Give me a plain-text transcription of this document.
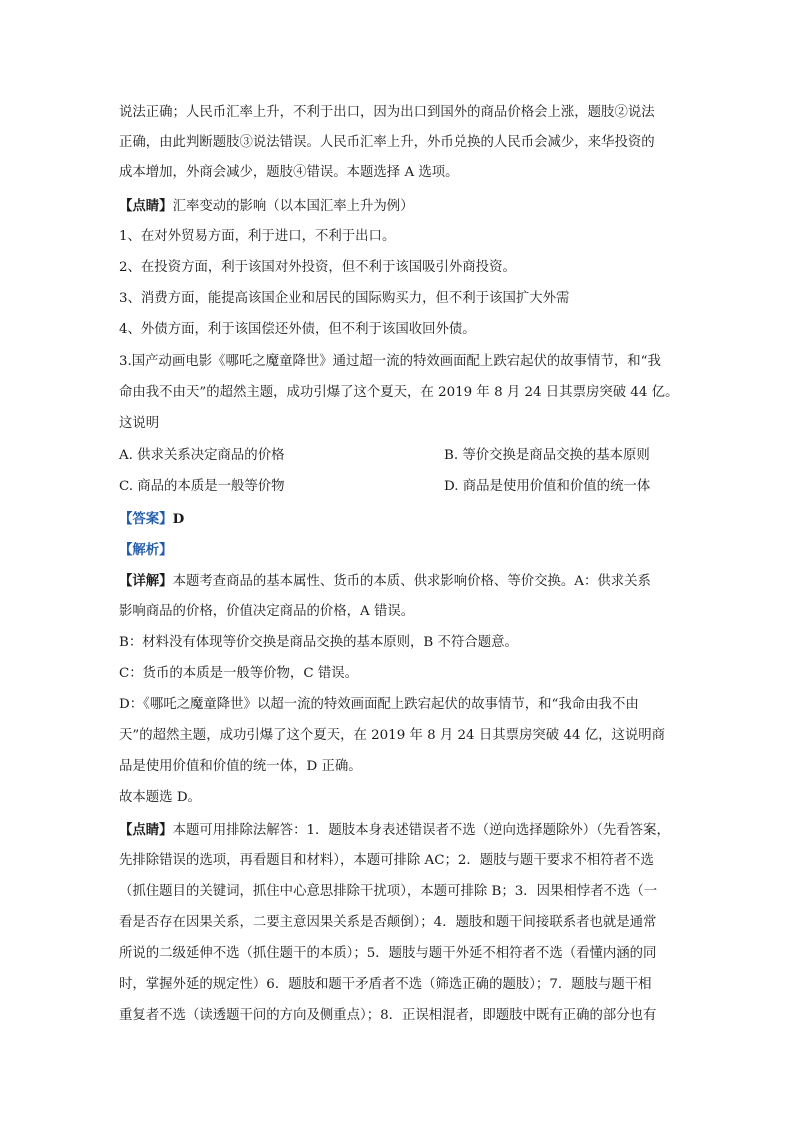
说法正确；人民币汇率上升，不利于出口，因为出口到国外的商品价格会上涨，题肢②说法
正确，由此判断题肢③说法错误。人民币汇率上升，外币兑换的人民币会减少，来华投资的
成本增加，外商会减少，题肢④错误。本题选择 A 选项。
【点睛】汇率变动的影响（以本国汇率上升为例）
1、在对外贸易方面，利于进口，不利于出口。
2、在投资方面，利于该国对外投资，但不利于该国吸引外商投资。
3、消费方面，能提高该国企业和居民的国际购买力，但不利于该国扩大外需
4、外债方面，利于该国偿还外债，但不利于该国收回外债。
3.国产动画电影《哪吒之魔童降世》通过超一流的特效画面配上跌宕起伏的故事情节，和“我
命由我不由天”的超然主题，成功引爆了这个夏天，在 2019 年 8 月 24 日其票房突破 44 亿。
这说明
A. 供求关系决定商品的价格	B. 等价交换是商品交换的基本原则
C. 商品的本质是一般等价物	D. 商品是使用价值和价值的统一体
【答案】D
【解析】
【详解】本题考查商品的基本属性、货币的本质、供求影响价格、等价交换。A：供求关系
影响商品的价格，价值决定商品的价格，A 错误。
B：材料没有体现等价交换是商品交换的基本原则，B 不符合题意。
C：货币的本质是一般等价物，C 错误。
D：《哪吒之魔童降世》以超一流的特效画面配上跌宕起伏的故事情节，和“我命由我不由
天”的超然主题，成功引爆了这个夏天，在 2019 年 8 月 24 日其票房突破 44 亿，这说明商
品是使用价值和价值的统一体，D 正确。
故本题选 D。
【点睛】本题可用排除法解答：1．题肢本身表述错误者不选（逆向选择题除外）（先看答案，
先排除错误的选项，再看题目和材料），本题可排除 AC；2．题肢与题干要求不相符者不选
（抓住题目的关键词，抓住中心意思排除干扰项），本题可排除 B；3．因果相悖者不选（一
看是否存在因果关系，二要主意因果关系是否颠倒）；4．题肢和题干间接联系者也就是通常
所说的二级延伸不选（抓住题干的本质）；5．题肢与题干外延不相符者不选（看懂内涵的同
时，掌握外延的规定性）6．题肢和题干矛盾者不选（筛选正确的题肢）；7．题肢与题干相
重复者不选（读透题干问的方向及侧重点）；8．正误相混者，即题肢中既有正确的部分也有
